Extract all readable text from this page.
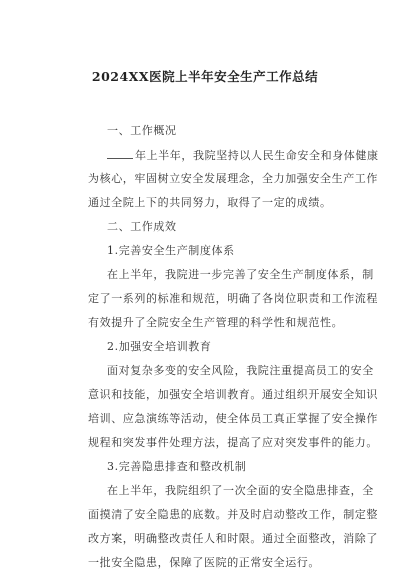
2024XX医院上半年安全生产工作总结
一、工作概况
年上半年，我院坚持以人民生命安全和身体健康
为核心，牢固树立安全发展理念，全力加强安全生产工作
通过全院上下的共同努力，取得了一定的成绩。
二、工作成效
1.完善安全生产制度体系
在上半年，我院进一步完善了安全生产制度体系，制
定了一系列的标准和规范，明确了各岗位职责和工作流程
有效提升了全院安全生产管理的科学性和规范性。
2.加强安全培训教育
面对复杂多变的安全风险，我院注重提高员工的安全
意识和技能，加强安全培训教育。通过组织开展安全知识
培训、应急演练等活动，使全体员工真正掌握了安全操作
规程和突发事件处理方法，提高了应对突发事件的能力。
3.完善隐患排查和整改机制
在上半年，我院组织了一次全面的安全隐患排查，全
面摸清了安全隐患的底数。并及时启动整改工作，制定整
改方案，明确整改责任人和时限。通过全面整改，消除了
一批安全隐患，保障了医院的正常安全运行。
